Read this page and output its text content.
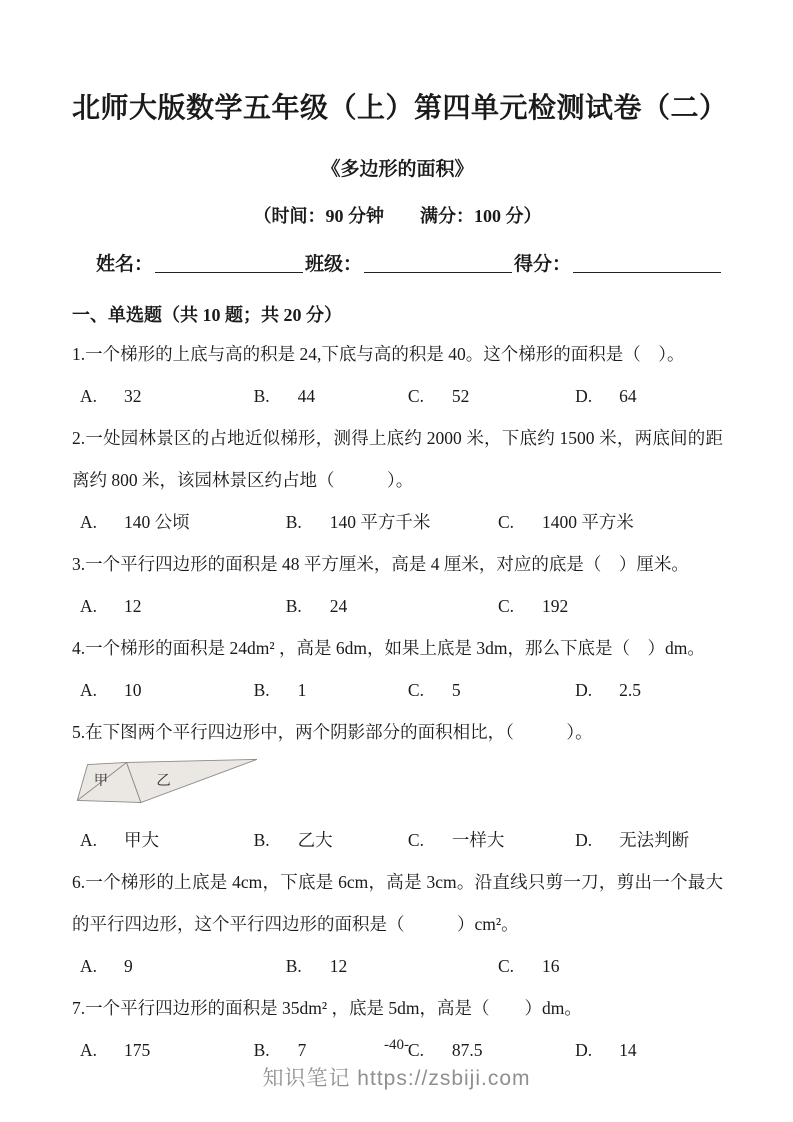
北师大版数学五年级（上）第四单元检测试卷（二）
《多边形的面积》
（时间：90 分钟        满分：100 分）
姓名：	班级：	得分：
一、单选题（共 10 题；共 20 分）
1.一个梯形的上底与高的积是 24,下底与高的积是 40。这个梯形的面积是（　）。
A.	32	B.	44	C.	52	D.	64
2.一处园林景区的占地近似梯形，测得上底约 2000 米，下底约 1500 米，两底间的距离约 800 米，该园林景区约占地（　　　）。
A.	140 公顷	B.	140 平方千米	C.	1400 平方米
3.一个平行四边形的面积是 48 平方厘米，高是 4 厘米，对应的底是（　）厘米。
A.	12	B.	24	C.	192
4.一个梯形的面积是 24dm² ，高是 6dm，如果上底是 3dm，那么下底是（　）dm。
A.	10	B.	1	C.	5	D.	2.5
5.在下图两个平行四边形中，两个阴影部分的面积相比，（　　　）。
甲	乙
A.	甲大	B.	乙大	C.	一样大	D.	无法判断
6.一个梯形的上底是 4cm，下底是 6cm，高是 3cm。沿直线只剪一刀，剪出一个最大的平行四边形，这个平行四边形的面积是（　　　）cm²。
A.	9	B.	12	C.	16
7.一个平行四边形的面积是 35dm² ，底是 5dm，高是（　　）dm。
A.	175	B.	7	C.	87.5	D.	14
-40-
知识笔记 https://zsbiji.com
